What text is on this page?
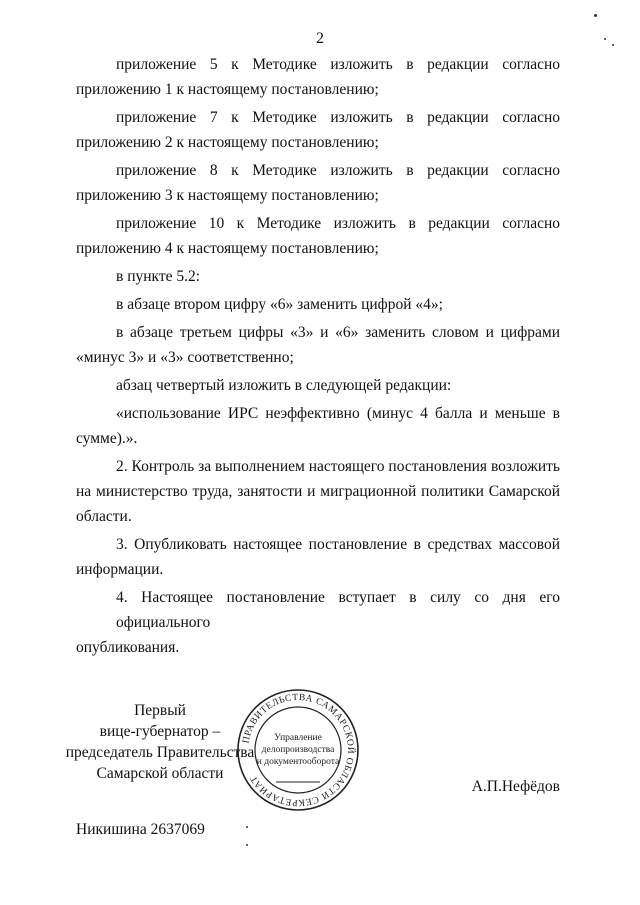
2
приложение 5 к Методике изложить в редакции согласно
приложению 1 к настоящему постановлению;
приложение 7 к Методике изложить в редакции согласно
приложению 2 к настоящему постановлению;
приложение 8 к Методике изложить в редакции согласно
приложению 3 к настоящему постановлению;
приложение 10 к Методике изложить в редакции согласно
приложению 4 к настоящему постановлению;
в пункте 5.2:
в абзаце втором цифру «6» заменить цифрой «4»;
в абзаце третьем цифры «3» и «6» заменить словом и цифрами
«минус 3» и «3» соответственно;
абзац четвертый изложить в следующей редакции:
«использование ИРС неэффективно (минус 4 балла и меньше в
сумме).».
2. Контроль за выполнением настоящего постановления возложить
на министерство труда, занятости и миграционной политики Самарской
области.
3. Опубликовать настоящее постановление в средствах массовой
информации.
4. Настоящее постановление вступает в силу со дня его официального
опубликования.
Первый
вице-губернатор –
председатель Правительства
Самарской области
ПРАВИТЕЛЬСТВА САМАРСКОЙ ОБЛАСТИ СЕКРЕТАРИАТ
Управление
делопроизводства
и документооборота
А.П.Нефёдов
Никишина 2637069
